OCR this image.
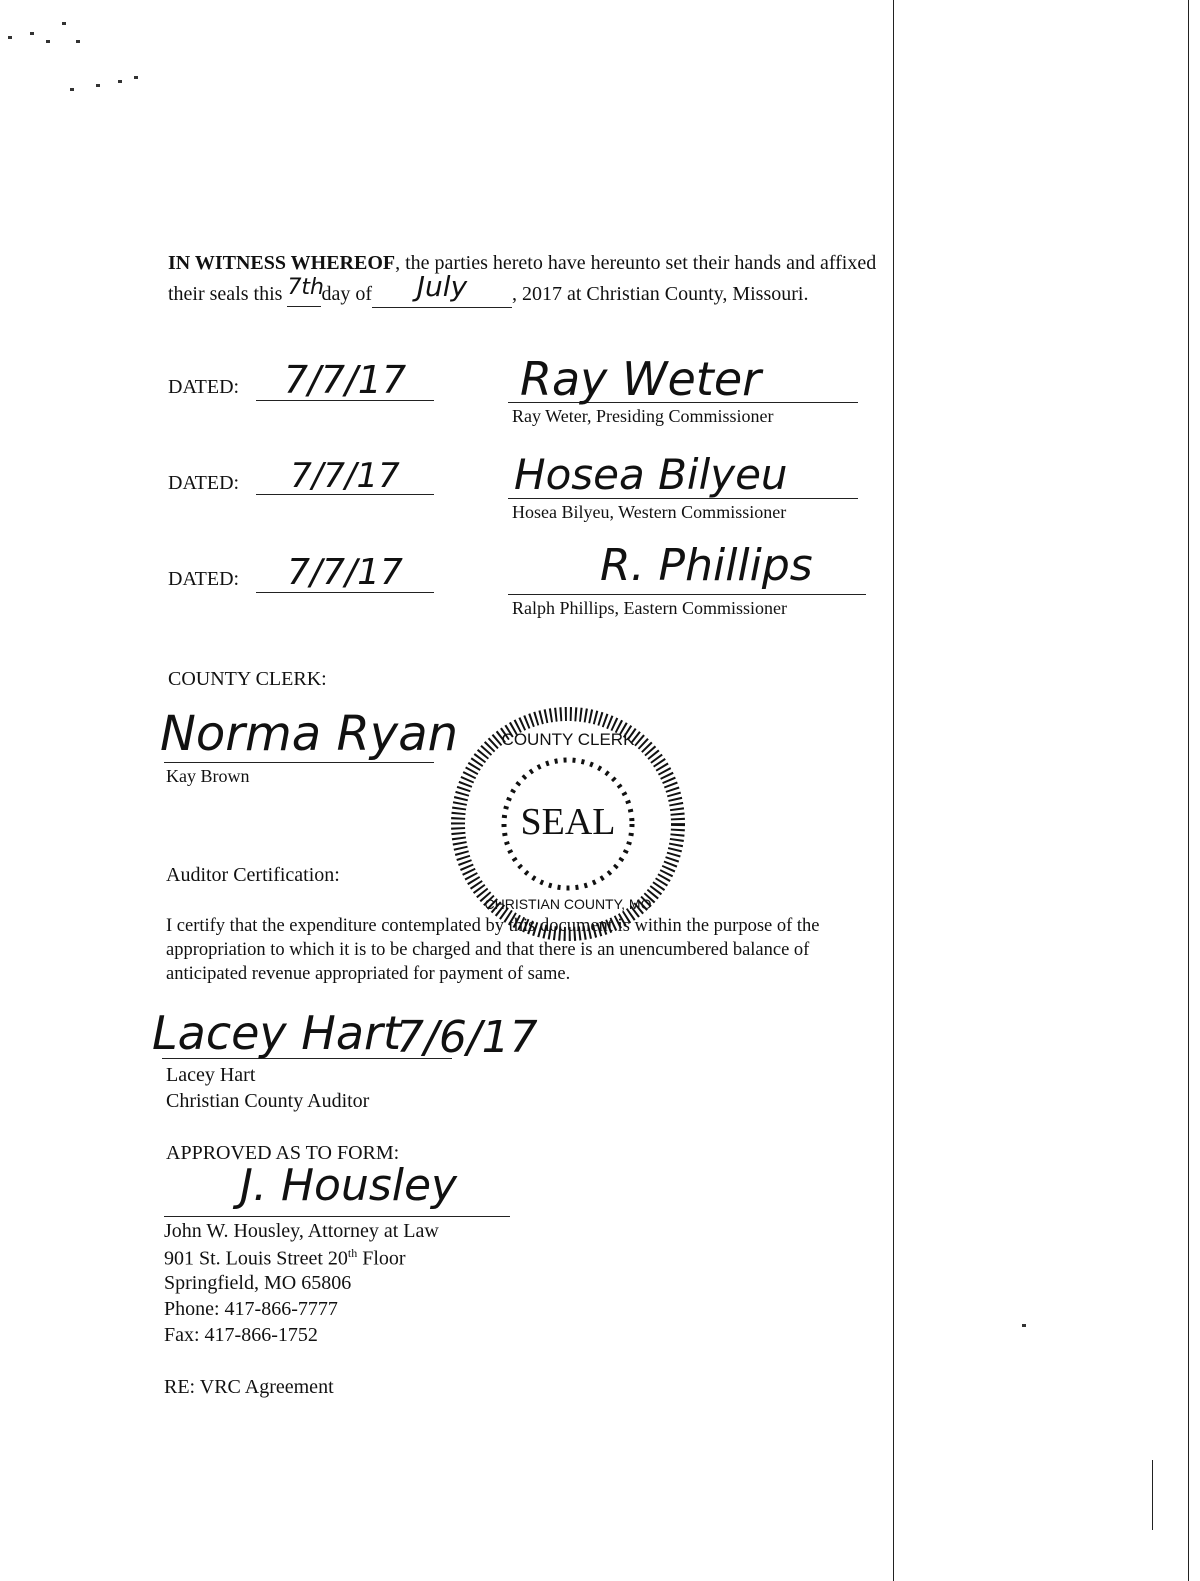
IN WITNESS WHEREOF, the parties hereto have hereunto set their hands and affixed
their seals this 7thday of July , 2017 at Christian County, Missouri.
DATED:	7/7/17	Ray Weter
Ray Weter, Presiding Commissioner
DATED:	7/7/17	Hosea Bilyeu
Hosea Bilyeu, Western Commissioner
DATED:	7/7/17	R. Phillips
Ralph Phillips, Eastern Commissioner
COUNTY CLERK:
Norma Ryan
Kay Brown
SEAL
COUNTY CLERK
CHRISTIAN COUNTY, MO
Auditor Certification:
I certify that the expenditure contemplated by this document is within the purpose of the
appropriation to which it is to be charged and that there is an unencumbered balance of
anticipated revenue appropriated for payment of same.
Lacey Hart
7/6/17
Lacey Hart
Christian County Auditor
APPROVED AS TO FORM:
J. Housley
John W. Housley, Attorney at Law
901 St. Louis Street 20th Floor
Springfield, MO 65806
Phone: 417-866-7777
Fax: 417-866-1752
RE: VRC Agreement
